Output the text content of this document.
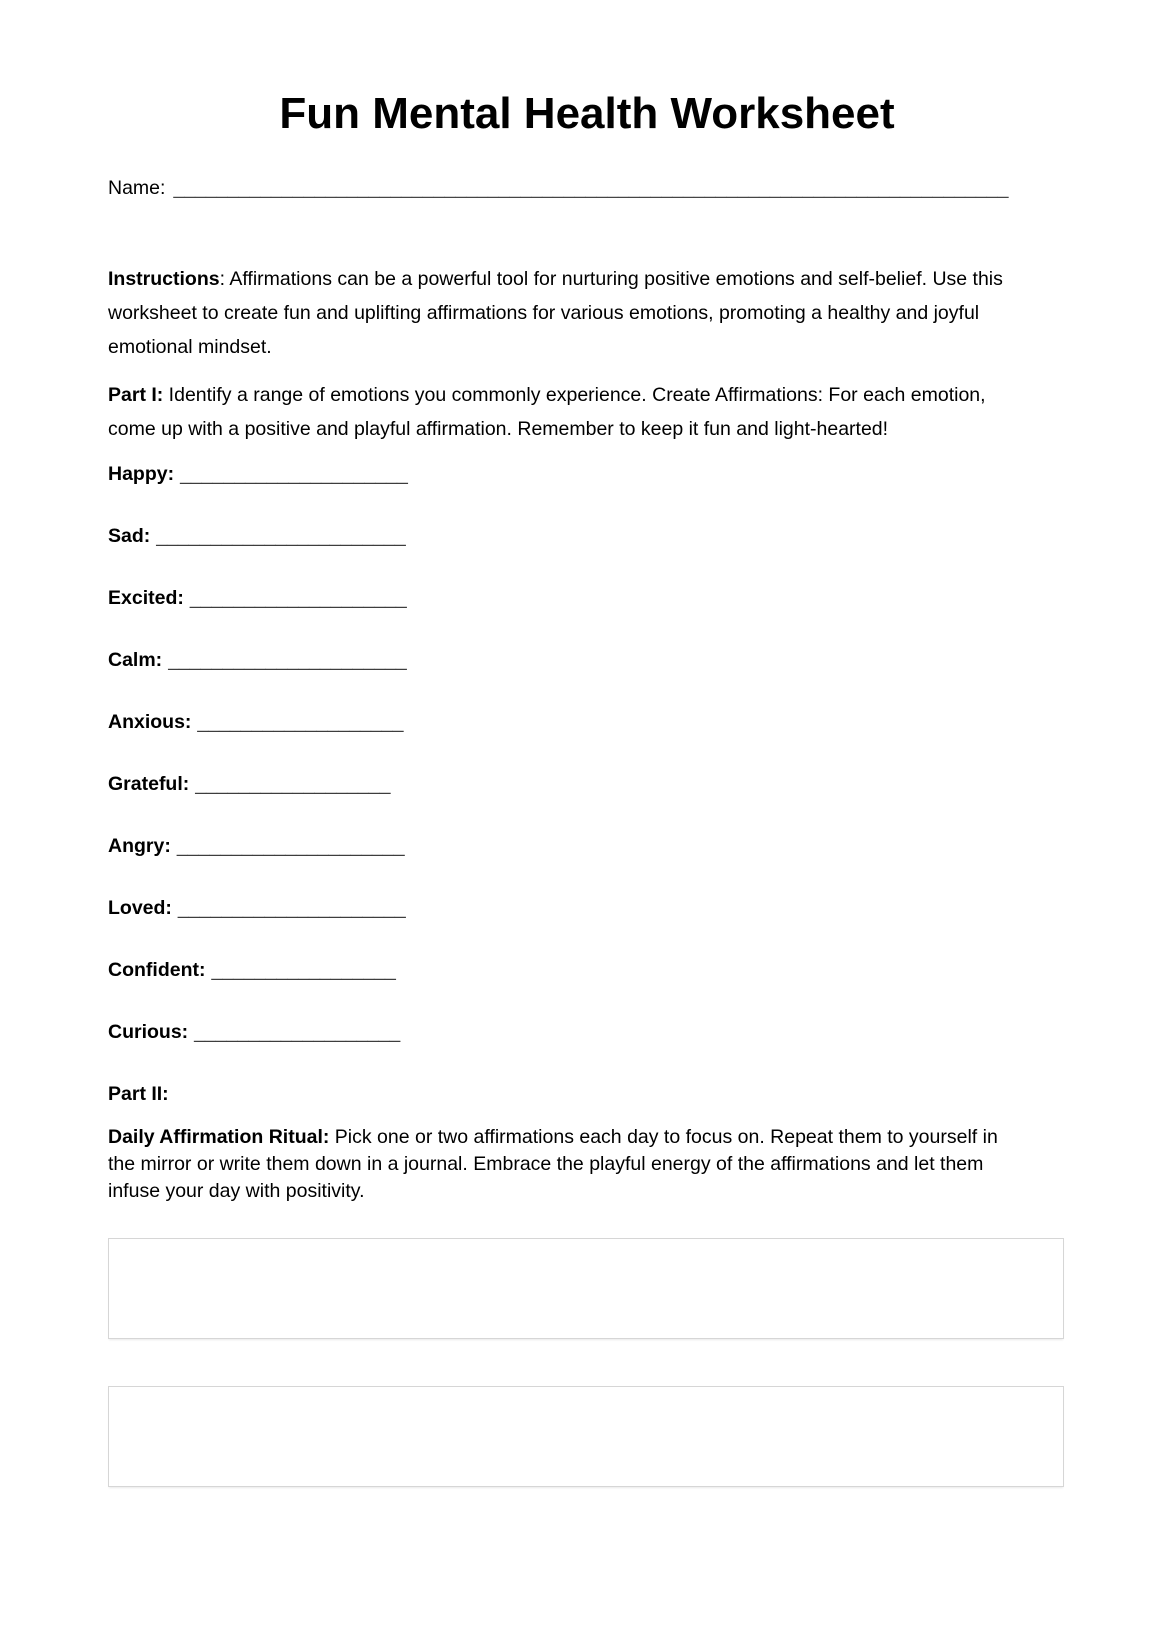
Fun Mental Health Worksheet
Name: _____________________________________________________________________________

Instructions: Affirmations can be a powerful tool for nurturing positive emotions and self-belief. Use this worksheet to create fun and uplifting affirmations for various emotions, promoting a healthy and joyful emotional mindset.

Part I: Identify a range of emotions you commonly experience. Create Affirmations: For each emotion, come up with a positive and playful affirmation. Remember to keep it fun and light-hearted!

Happy: _____________________
Sad: _______________________
Excited: ____________________
Calm: ______________________
Anxious: ___________________
Grateful: __________________
Angry: _____________________
Loved: _____________________
Confident: _________________
Curious: ___________________
Part II:

Daily Affirmation Ritual: Pick one or two affirmations each day to focus on. Repeat them to yourself in the mirror or write them down in a journal. Embrace the playful energy of the affirmations and let them infuse your day with positivity.
